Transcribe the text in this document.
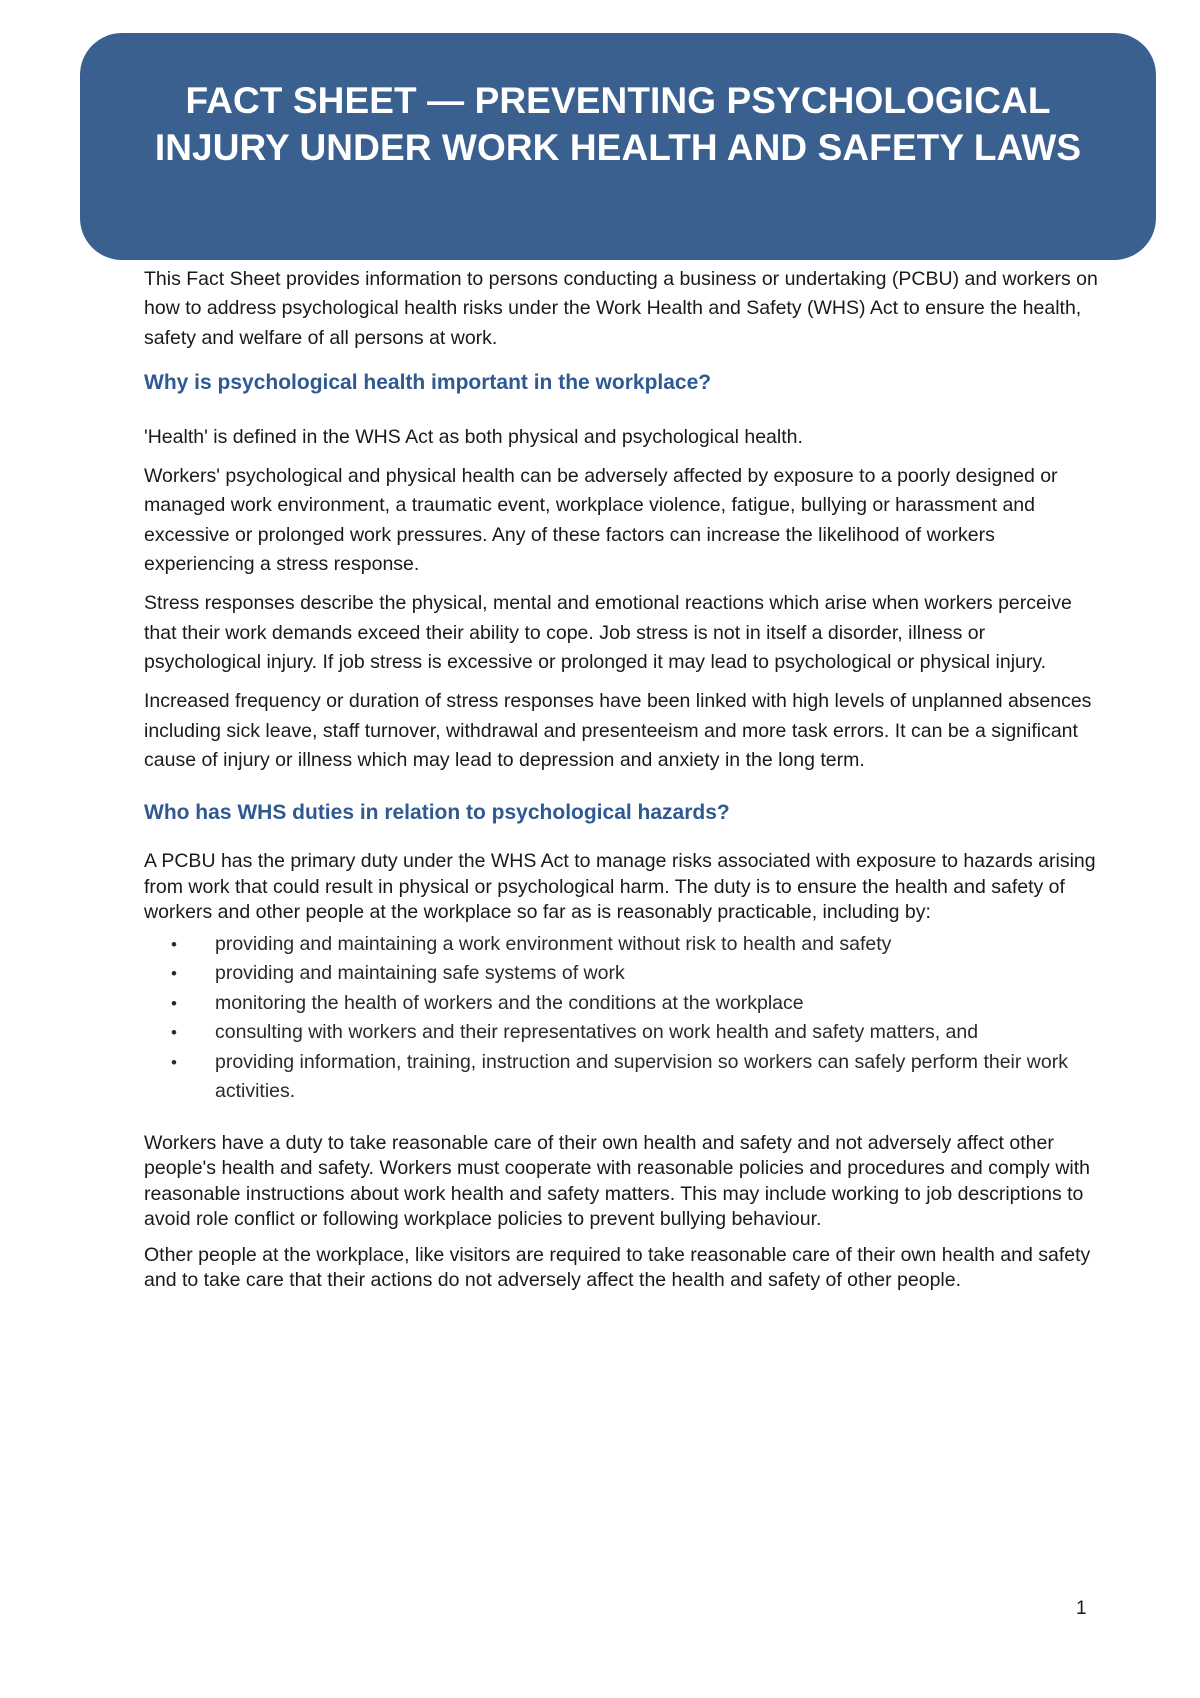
FACT SHEET — PREVENTING PSYCHOLOGICAL
INJURY UNDER WORK HEALTH AND SAFETY LAWS

This Fact Sheet provides information to persons conducting a business or undertaking (PCBU) and workers on how to address psychological health risks under the Work Health and Safety (WHS) Act to ensure the health, safety and welfare of all persons at work.

Why is psychological health important in the workplace?

'Health' is defined in the WHS Act as both physical and psychological health.

Workers' psychological and physical health can be adversely affected by exposure to a poorly designed or managed work environment, a traumatic event, workplace violence, fatigue, bullying or harassment and excessive or prolonged work pressures. Any of these factors can increase the likelihood of workers experiencing a stress response.

Stress responses describe the physical, mental and emotional reactions which arise when workers perceive that their work demands exceed their ability to cope. Job stress is not in itself a disorder, illness or psychological injury. If job stress is excessive or prolonged it may lead to psychological or physical injury.

Increased frequency or duration of stress responses have been linked with high levels of unplanned absences including sick leave, staff turnover, withdrawal and presenteeism and more task errors. It can be a significant cause of injury or illness which may lead to depression and anxiety in the long term.

Who has WHS duties in relation to psychological hazards?

A PCBU has the primary duty under the WHS Act to manage risks associated with exposure to hazards arising from work that could result in physical or psychological harm. The duty is to ensure the health and safety of workers and other people at the workplace so far as is reasonably practicable, including by:

• providing and maintaining a work environment without risk to health and safety
• providing and maintaining safe systems of work
• monitoring the health of workers and the conditions at the workplace
• consulting with workers and their representatives on work health and safety matters, and
• providing information, training, instruction and supervision so workers can safely perform their work activities.

Workers have a duty to take reasonable care of their own health and safety and not adversely affect other people's health and safety. Workers must cooperate with reasonable policies and procedures and comply with reasonable instructions about work health and safety matters. This may include working to job descriptions to avoid role conflict or following workplace policies to prevent bullying behaviour.

Other people at the workplace, like visitors are required to take reasonable care of their own health and safety and to take care that their actions do not adversely affect the health and safety of other people.

1
